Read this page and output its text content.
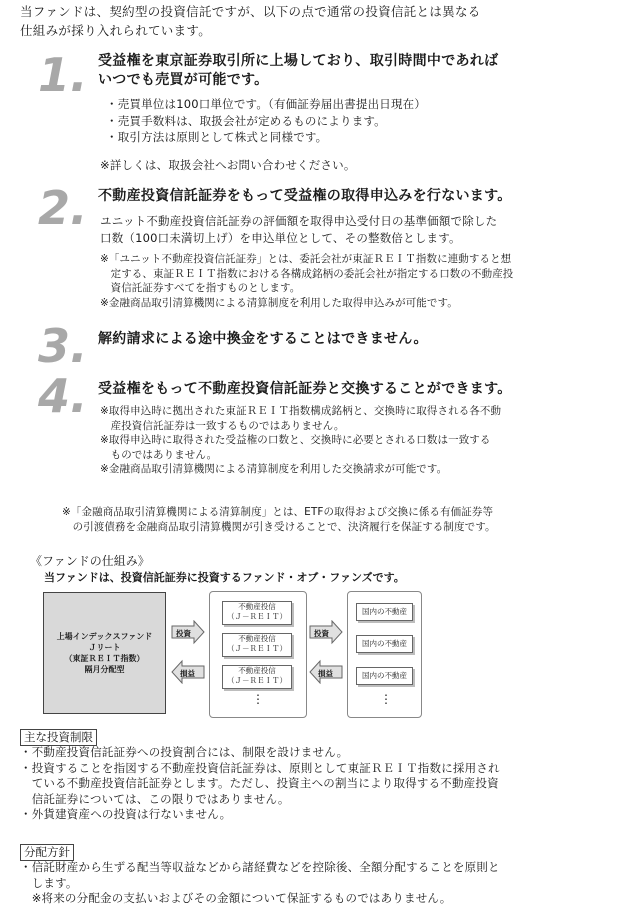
当ファンドは、契約型の投資信託ですが、以下の点で通常の投資信託とは異なる
仕組みが採り入れられています。
1. 受益権を東京証券取引所に上場しており、取引時間中であれば
いつでも売買が可能です。
・売買単位は100口単位です。（有価証券届出書提出日現在）
・売買手数料は、取扱会社が定めるものによります。
・取引方法は原則として株式と同様です。
※詳しくは、取扱会社へお問い合わせください。
2. 不動産投資信託証券をもって受益権の取得申込みを行ないます。
ユニット不動産投資信託証券の評価額を取得申込受付日の基準価額で除した
口数（100口未満切上げ）を申込単位として、その整数倍とします。
※「ユニット不動産投資信託証券」とは、委託会社が東証ＲＥＩＴ指数に連動すると想
　定する、東証ＲＥＩＴ指数における各構成銘柄の委託会社が指定する口数の不動産投
　資信託証券すべてを指すものとします。
※金融商品取引清算機関による清算制度を利用した取得申込みが可能です。
3. 解約請求による途中換金をすることはできません。
4. 受益権をもって不動産投資信託証券と交換することができます。
※取得申込時に拠出された東証ＲＥＩＴ指数構成銘柄と、交換時に取得される各不動
　産投資信託証券は一致するものではありません。
※取得申込時に取得された受益権の口数と、交換時に必要とされる口数は一致する
　ものではありません。
※金融商品取引清算機関による清算制度を利用した交換請求が可能です。
※「金融商品取引清算機関による清算制度」とは、ETFの取得および交換に係る有価証券等
　の引渡債務を金融商品取引清算機関が引き受けることで、決済履行を保証する制度です。
《ファンドの仕組み》
当ファンドは、投資信託証券に投資するファンド・オブ・ファンズです。
上場インデックスファンド
Ｊリート
（東証ＲＥＩＴ指数）
隔月分配型
投資
損益
不動産投信
（Ｊ－ＲＥＩＴ）
不動産投信
（Ｊ－ＲＥＩＴ）
不動産投信
（Ｊ－ＲＥＩＴ）
⋮
投資
損益
国内の不動産
国内の不動産
国内の不動産
⋮
主な投資制限
・不動産投資信託証券への投資割合には、制限を設けません。
・投資することを指図する不動産投資信託証券は、原則として東証ＲＥＩＴ指数に採用され
　ている不動産投資信託証券とします。ただし、投資主への割当により取得する不動産投資
　信託証券については、この限りではありません。
・外貨建資産への投資は行ないません。
分配方針
・信託財産から生ずる配当等収益などから諸経費などを控除後、全額分配することを原則と
　します。
　※将来の分配金の支払いおよびその金額について保証するものではありません。
